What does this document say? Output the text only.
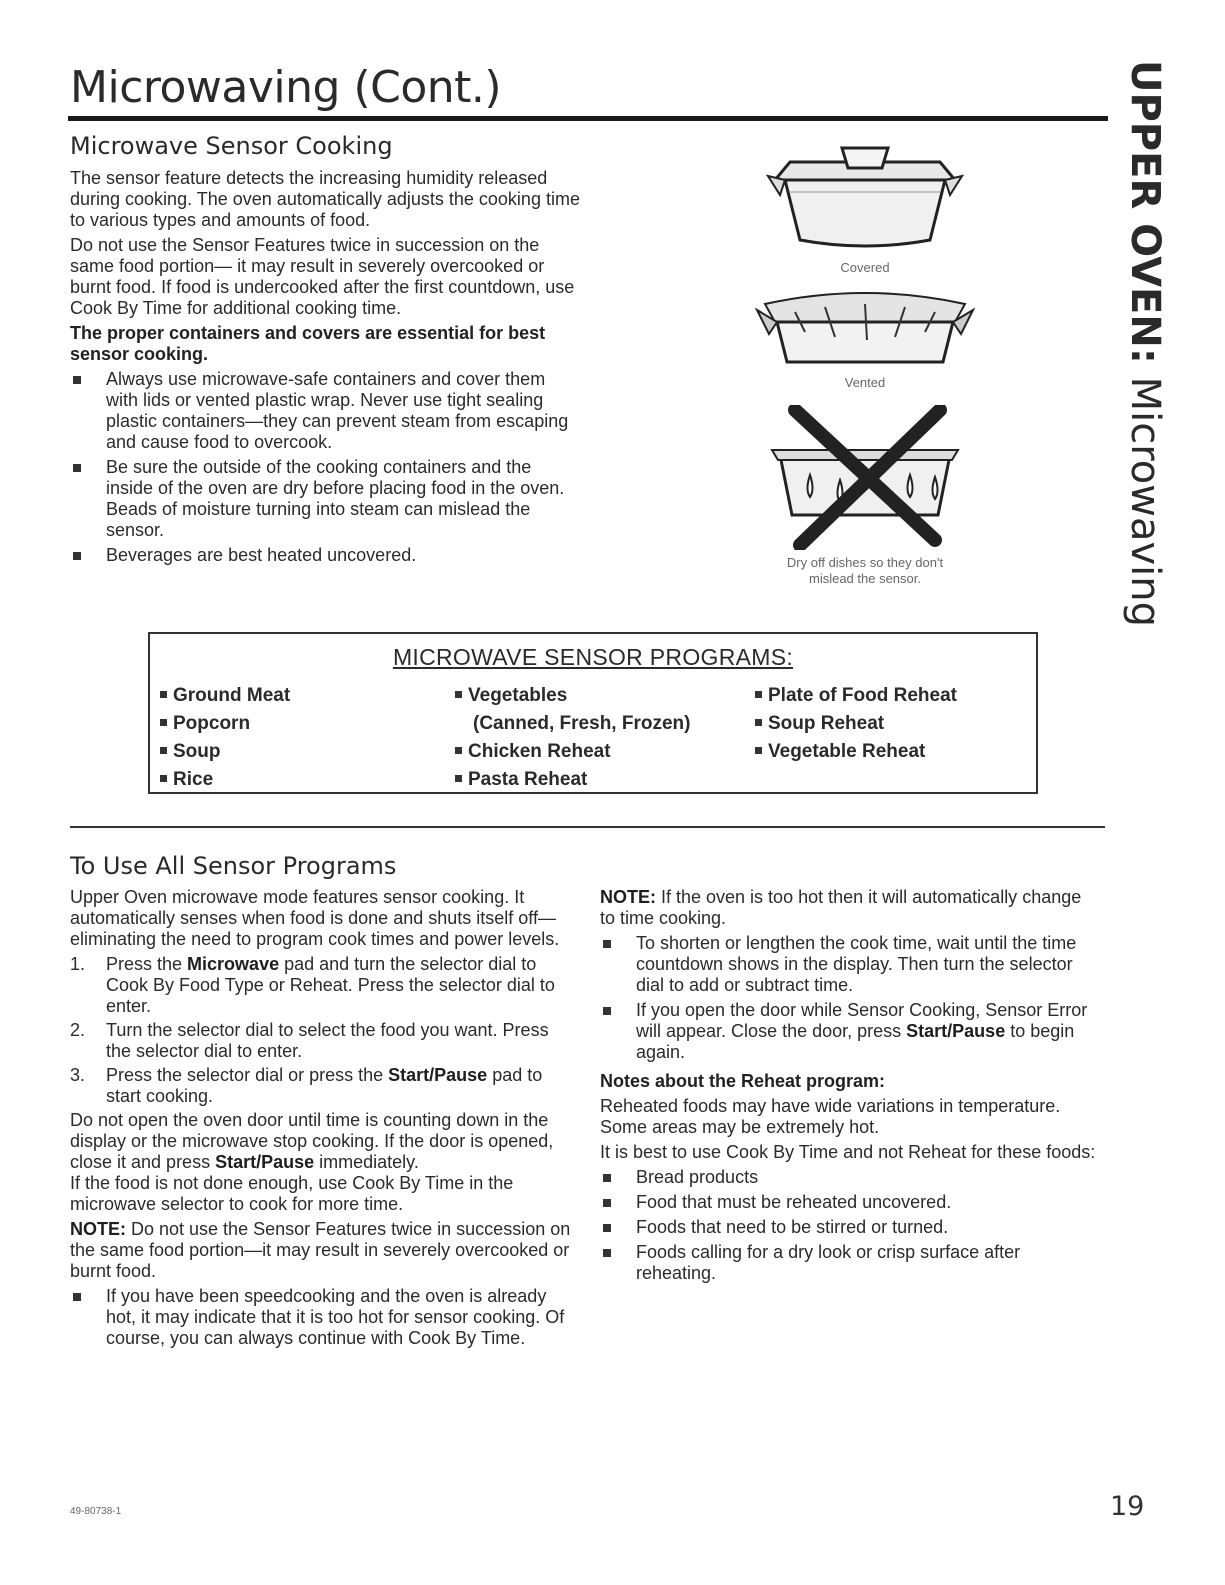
Microwaving (Cont.)	UPPER OVEN: Microwaving
Microwave Sensor Cooking

The sensor feature detects the increasing humidity released during cooking. The oven automatically adjusts the cooking time to various types and amounts of food.

Do not use the Sensor Features twice in succession on the same food portion— it may result in severely overcooked or burnt food. If food is undercooked after the first countdown, use Cook By Time for additional cooking time.

The proper containers and covers are essential for best sensor cooking.

Always use microwave-safe containers and cover them with lids or vented plastic wrap. Never use tight sealing plastic containers—they can prevent steam from escaping and cause food to overcook.
Be sure the outside of the cooking containers and the inside of the oven are dry before placing food in the oven. Beads of moisture turning into steam can mislead the sensor.
Beverages are best heated uncovered.
Covered
Vented
Dry off dishes so they don't
mislead the sensor.
MICROWAVE SENSOR PROGRAMS:
Ground Meat
Popcorn
Soup
Rice
Vegetables
(Canned, Fresh, Frozen)
Chicken Reheat
Pasta Reheat
Plate of Food Reheat
Soup Reheat
Vegetable Reheat
To Use All Sensor Programs

Upper Oven microwave mode features sensor cooking. It automatically senses when food is done and shuts itself off—eliminating the need to program cook times and power levels.

1. Press the Microwave pad and turn the selector dial to Cook By Food Type or Reheat. Press the selector dial to enter.
2. Turn the selector dial to select the food you want. Press the selector dial to enter.
3. Press the selector dial or press the Start/Pause pad to start cooking.

Do not open the oven door until time is counting down in the display or the microwave stop cooking. If the door is opened, close it and press Start/Pause immediately.

If the food is not done enough, use Cook By Time in the microwave selector to cook for more time.

NOTE: Do not use the Sensor Features twice in succession on the same food portion—it may result in severely overcooked or burnt food.

If you have been speedcooking and the oven is already hot, it may indicate that it is too hot for sensor cooking. Of course, you can always continue with Cook By Time.

NOTE: If the oven is too hot then it will automatically change to time cooking.

To shorten or lengthen the cook time, wait until the time countdown shows in the display. Then turn the selector dial to add or subtract time.
If you open the door while Sensor Cooking, Sensor Error will appear. Close the door, press Start/Pause to begin again.

Notes about the Reheat program:

Reheated foods may have wide variations in temperature. Some areas may be extremely hot.

It is best to use Cook By Time and not Reheat for these foods:

Bread products
Food that must be reheated uncovered.
Foods that need to be stirred or turned.
Foods calling for a dry look or crisp surface after reheating.
49-80738-1	19
